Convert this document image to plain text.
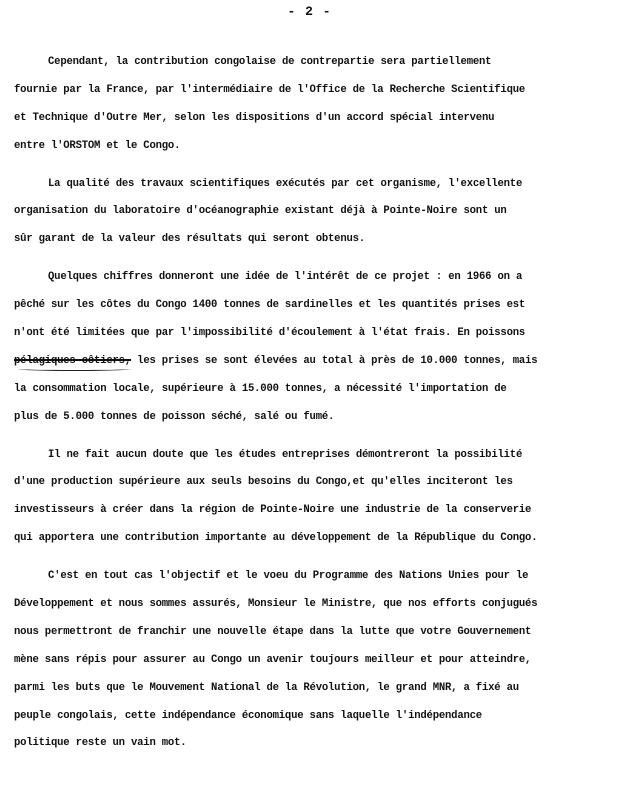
- 2 -
Cependant, la contribution congolaise de contrepartie sera partiellement
fournie par la France, par l'intermédiaire de l'Office de la Recherche Scientifique
et Technique d'Outre Mer, selon les dispositions d'un accord spécial intervenu
entre l'ORSTOM et le Congo.
La qualité des travaux scientifiques exécutés par cet organisme, l'excellente
organisation du laboratoire d'océanographie existant déjà à Pointe-Noire sont un
sûr garant de la valeur des résultats qui seront obtenus.
Quelques chiffres donneront une idée de l'intérêt de ce projet : en 1966 on a
pêché sur les côtes du Congo 1400 tonnes de sardinelles et les quantités prises est
n'ont été limitées que par l'impossibilité d'écoulement à l'état frais. En poissons
pélagiques côtiers, les prises se sont élevées au total à près de 10.000 tonnes, mais
la consommation locale, supérieure à 15.000 tonnes, a nécessité l'importation de
plus de 5.000 tonnes de poisson séché, salé ou fumé.
Il ne fait aucun doute que les études entreprises démontreront la possibilité
d'une production supérieure aux seuls besoins du Congo,et qu'elles inciteront les
investisseurs à créer dans la région de Pointe-Noire une industrie de la conserverie
qui apportera une contribution importante au développement de la République du Congo.
C'est en tout cas l'objectif et le voeu du Programme des Nations Unies pour le
Développement et nous sommes assurés, Monsieur le Ministre, que nos efforts conjugués
nous permettront de franchir une nouvelle étape dans la lutte que votre Gouvernement
mène sans répis pour assurer au Congo un avenir toujours meilleur et pour atteindre,
parmi les buts que le Mouvement National de la Révolution, le grand MNR, a fixé au
peuple congolais, cette indépendance économique sans laquelle l'indépendance
politique reste un vain mot.
